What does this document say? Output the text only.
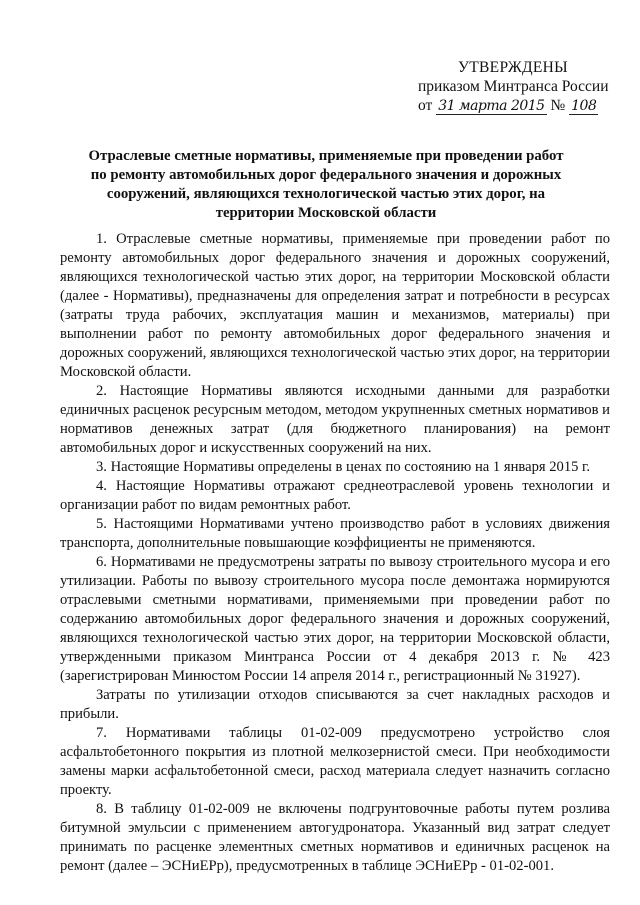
УТВЕРЖДЕНЫ
приказом Минтранса России
от 31 марта 2015 № 108
Отраслевые сметные нормативы, применяемые при проведении работ по ремонту автомобильных дорог федерального значения и дорожных сооружений, являющихся технологической частью этих дорог, на территории Московской области

1. Отраслевые сметные нормативы, применяемые при проведении работ по ремонту автомобильных дорог федерального значения и дорожных сооружений, являющихся технологической частью этих дорог, на территории Московской области (далее - Нормативы), предназначены для определения затрат и потребности в ресурсах (затраты труда рабочих, эксплуатация машин и механизмов, материалы) при выполнении работ по ремонту автомобильных дорог федерального значения и дорожных сооружений, являющихся технологической частью этих дорог, на территории Московской области.

2. Настоящие Нормативы являются исходными данными для разработки единичных расценок ресурсным методом, методом укрупненных сметных нормативов и нормативов денежных затрат (для бюджетного планирования) на ремонт автомобильных дорог и искусственных сооружений на них.

3. Настоящие Нормативы определены в ценах по состоянию на 1 января 2015 г.

4. Настоящие Нормативы отражают среднеотраслевой уровень технологии и организации работ по видам ремонтных работ.

5. Настоящими Нормативами учтено производство работ в условиях движения транспорта, дополнительные повышающие коэффициенты не применяются.

6. Нормативами не предусмотрены затраты по вывозу строительного мусора и его утилизации. Работы по вывозу строительного мусора после демонтажа нормируются отраслевыми сметными нормативами, применяемыми при проведении работ по содержанию автомобильных дорог федерального значения и дорожных сооружений, являющихся технологической частью этих дорог, на территории Московской области, утвержденными приказом Минтранса России от 4 декабря 2013 г. № 423 (зарегистрирован Минюстом России 14 апреля 2014 г., регистрационный № 31927).

Затраты по утилизации отходов списываются за счет накладных расходов и прибыли.

7. Нормативами таблицы 01-02-009 предусмотрено устройство слоя асфальтобетонного покрытия из плотной мелкозернистой смеси. При необходимости замены марки асфальтобетонной смеси, расход материала следует назначить согласно проекту.

8. В таблицу 01-02-009 не включены подгрунтовочные работы путем розлива битумной эмульсии с применением автогудронатора. Указанный вид затрат следует принимать по расценке элементных сметных нормативов и единичных расценок на ремонт (далее – ЭСНиЕРр), предусмотренных в таблице ЭСНиЕРр - 01-02-001.
